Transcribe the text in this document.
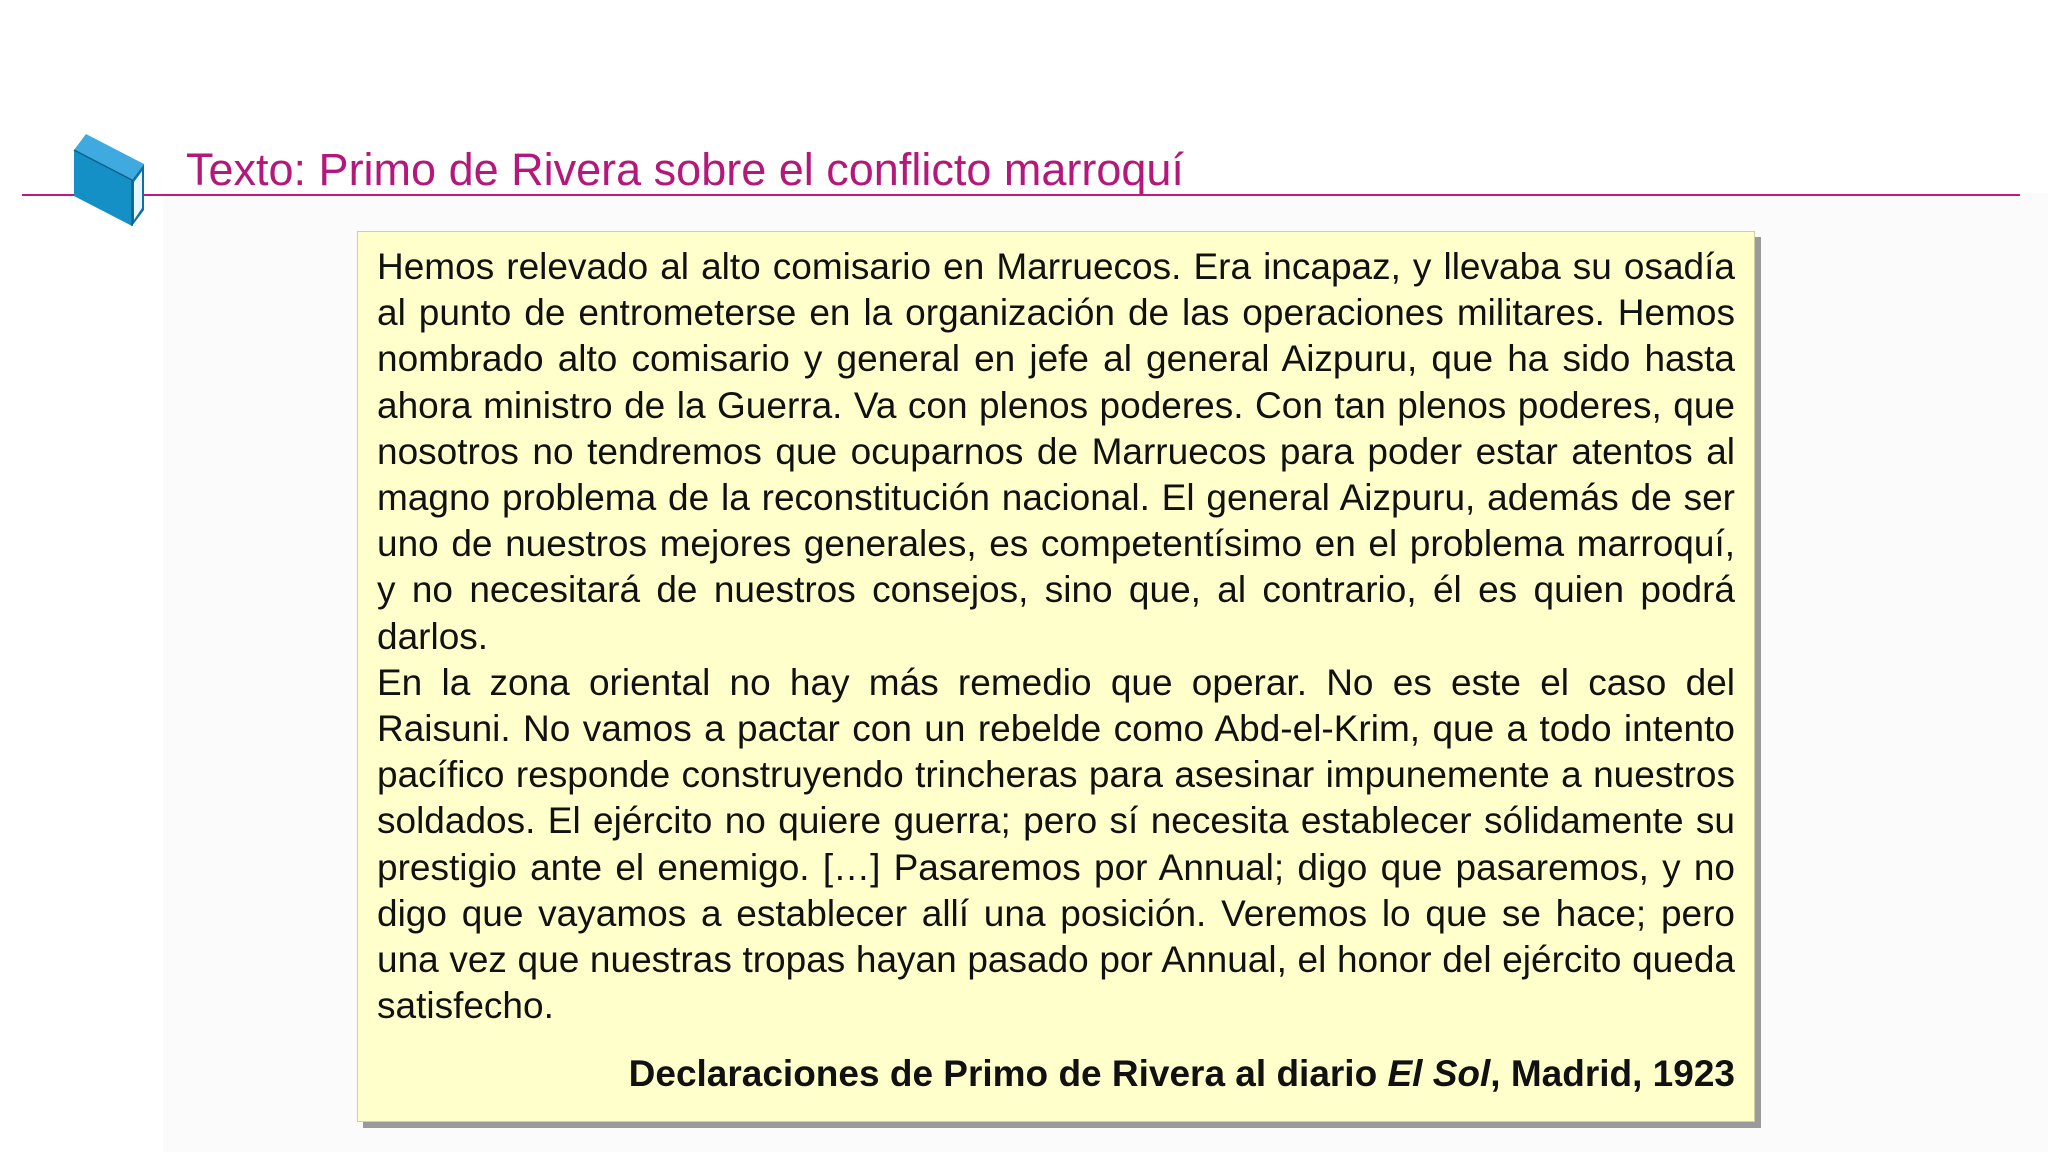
Texto: Primo de Rivera sobre el conflicto marroquí

Hemos relevado al alto comisario en Marruecos. Era incapaz, y llevaba su osadía al punto de entrometerse en la organización de las operaciones militares. Hemos nombrado alto comisario y general en jefe al general Aizpuru, que ha sido hasta ahora ministro de la Guerra. Va con plenos poderes. Con tan plenos poderes, que nosotros no tendremos que ocuparnos de Marruecos para poder estar atentos al magno problema de la reconstitución nacional. El general Aizpuru, además de ser uno de nuestros mejores generales, es competentísimo en el problema marroquí, y no necesitará de nuestros consejos, sino que, al contrario, él es quien podrá darlos.

En la zona oriental no hay más remedio que operar. No es este el caso del Raisuni. No vamos a pactar con un rebelde como Abd-el-Krim, que a todo intento pacífico responde construyendo trincheras para asesinar impunemente a nuestros soldados. El ejército no quiere guerra; pero sí necesita establecer sólidamente su prestigio ante el enemigo. […] Pasaremos por Annual; digo que pasaremos, y no digo que vayamos a establecer allí una posición. Veremos lo que se hace; pero una vez que nuestras tropas hayan pasado por Annual, el honor del ejército queda satisfecho.

Declaraciones de Primo de Rivera al diario El Sol, Madrid, 1923
